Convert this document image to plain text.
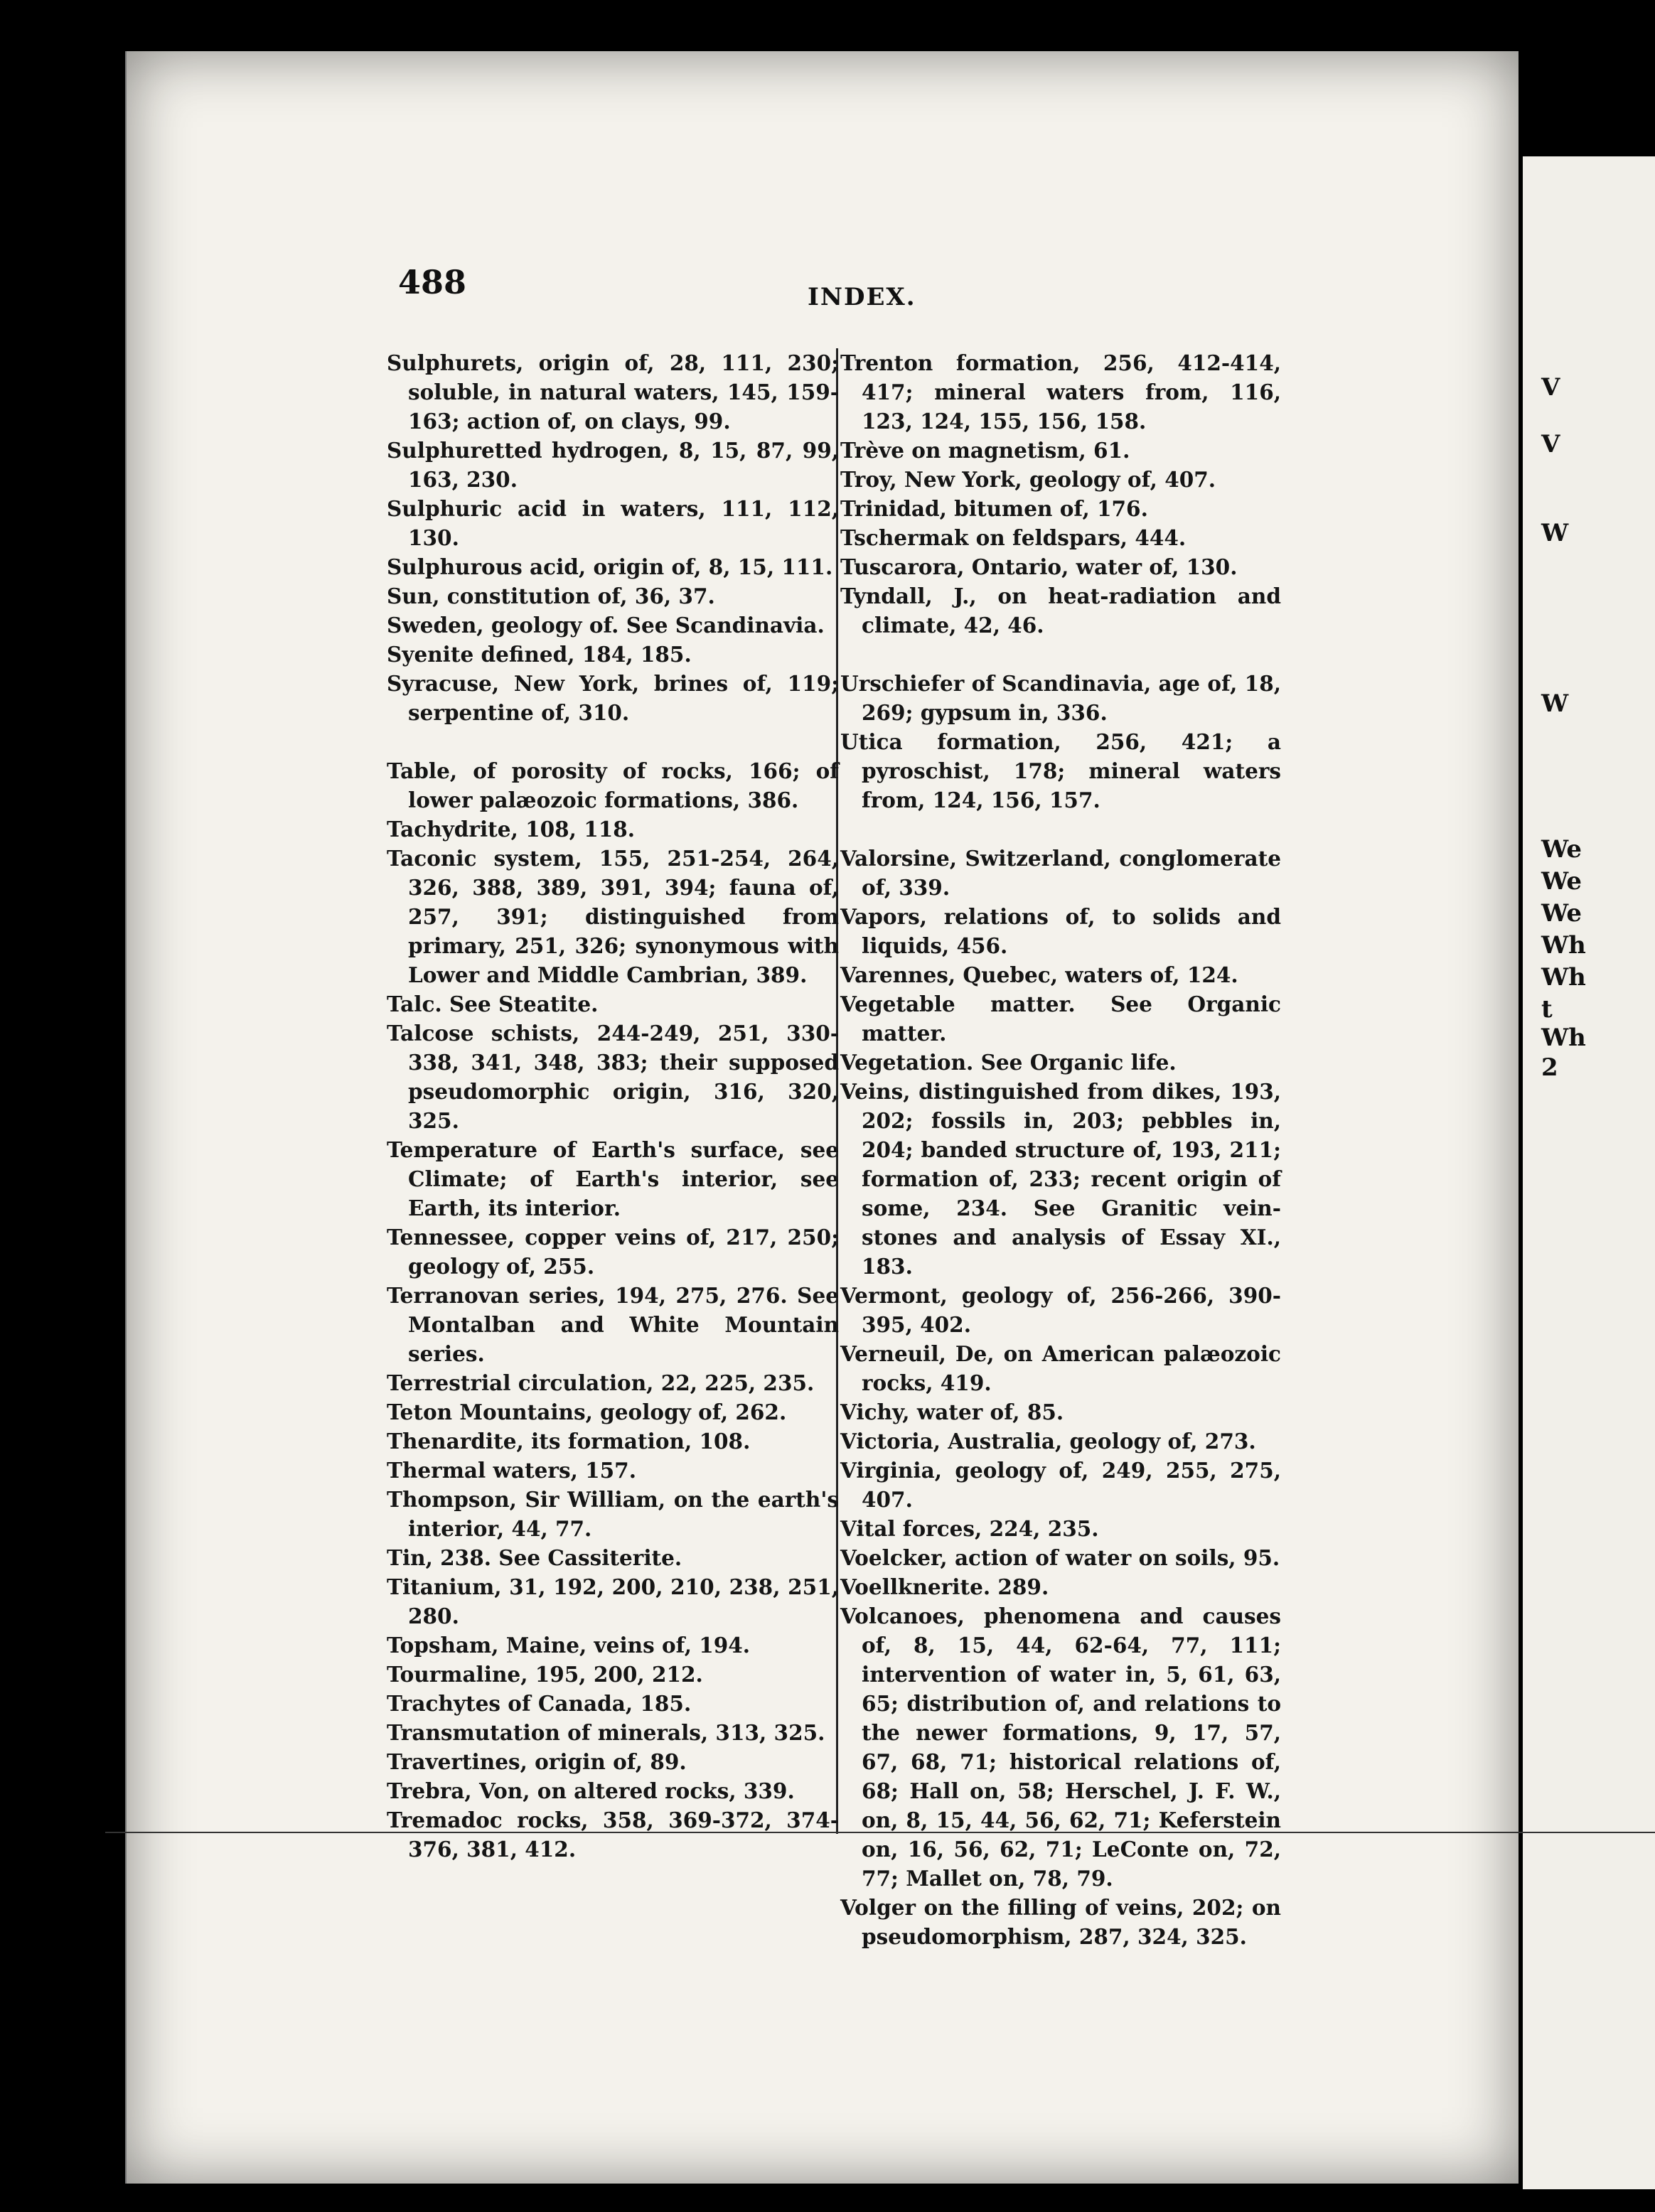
V
V
W
W
We
We
We
Wh
Wh
t
Wh
2
488	INDEX.
Sulphurets, origin of, 28, 111, 230; soluble, in natural waters, 145, 159-163; action of, on clays, 99.
Sulphuretted hydrogen, 8, 15, 87, 99, 163, 230.
Sulphuric acid in waters, 111, 112, 130.
Sulphurous acid, origin of, 8, 15, 111.
Sun, constitution of, 36, 37.
Sweden, geology of. See Scandinavia.
Syenite defined, 184, 185.
Syracuse, New York, brines of, 119; serpentine of, 310.
Table, of porosity of rocks, 166; of lower palæozoic formations, 386.
Tachydrite, 108, 118.
Taconic system, 155, 251-254, 264, 326, 388, 389, 391, 394; fauna of, 257, 391; distinguished from primary, 251, 326; synonymous with Lower and Middle Cambrian, 389.
Talc. See Steatite.
Talcose schists, 244-249, 251, 330-338, 341, 348, 383; their supposed pseudomorphic origin, 316, 320, 325.
Temperature of Earth's surface, see Climate; of Earth's interior, see Earth, its interior.
Tennessee, copper veins of, 217, 250; geology of, 255.
Terranovan series, 194, 275, 276. See Montalban and White Mountain series.
Terrestrial circulation, 22, 225, 235.
Teton Mountains, geology of, 262.
Thenardite, its formation, 108.
Thermal waters, 157.
Thompson, Sir William, on the earth's interior, 44, 77.
Tin, 238. See Cassiterite.
Titanium, 31, 192, 200, 210, 238, 251, 280.
Topsham, Maine, veins of, 194.
Tourmaline, 195, 200, 212.
Trachytes of Canada, 185.
Transmutation of minerals, 313, 325.
Travertines, origin of, 89.
Trebra, Von, on altered rocks, 339.
Tremadoc rocks, 358, 369-372, 374-376, 381, 412.
Trenton formation, 256, 412-414, 417; mineral waters from, 116, 123, 124, 155, 156, 158.
Trève on magnetism, 61.
Troy, New York, geology of, 407.
Trinidad, bitumen of, 176.
Tschermak on feldspars, 444.
Tuscarora, Ontario, water of, 130.
Tyndall, J., on heat-radiation and climate, 42, 46.
Urschiefer of Scandinavia, age of, 18, 269; gypsum in, 336.
Utica formation, 256, 421; a pyroschist, 178; mineral waters from, 124, 156, 157.
Valorsine, Switzerland, conglomerate of, 339.
Vapors, relations of, to solids and liquids, 456.
Varennes, Quebec, waters of, 124.
Vegetable matter. See Organic matter.
Vegetation. See Organic life.
Veins, distinguished from dikes, 193, 202; fossils in, 203; pebbles in, 204; banded structure of, 193, 211; formation of, 233; recent origin of some, 234. See Granitic vein-stones and analysis of Essay XI., 183.
Vermont, geology of, 256-266, 390-395, 402.
Verneuil, De, on American palæozoic rocks, 419.
Vichy, water of, 85.
Victoria, Australia, geology of, 273.
Virginia, geology of, 249, 255, 275, 407.
Vital forces, 224, 235.
Voelcker, action of water on soils, 95.
Voellknerite. 289.
Volcanoes, phenomena and causes of, 8, 15, 44, 62-64, 77, 111; intervention of water in, 5, 61, 63, 65; distribution of, and relations to the newer formations, 9, 17, 57, 67, 68, 71; historical relations of, 68; Hall on, 58; Herschel, J. F. W., on, 8, 15, 44, 56, 62, 71; Keferstein on, 16, 56, 62, 71; LeConte on, 72, 77; Mallet on, 78, 79.
Volger on the filling of veins, 202; on pseudomorphism, 287, 324, 325.
